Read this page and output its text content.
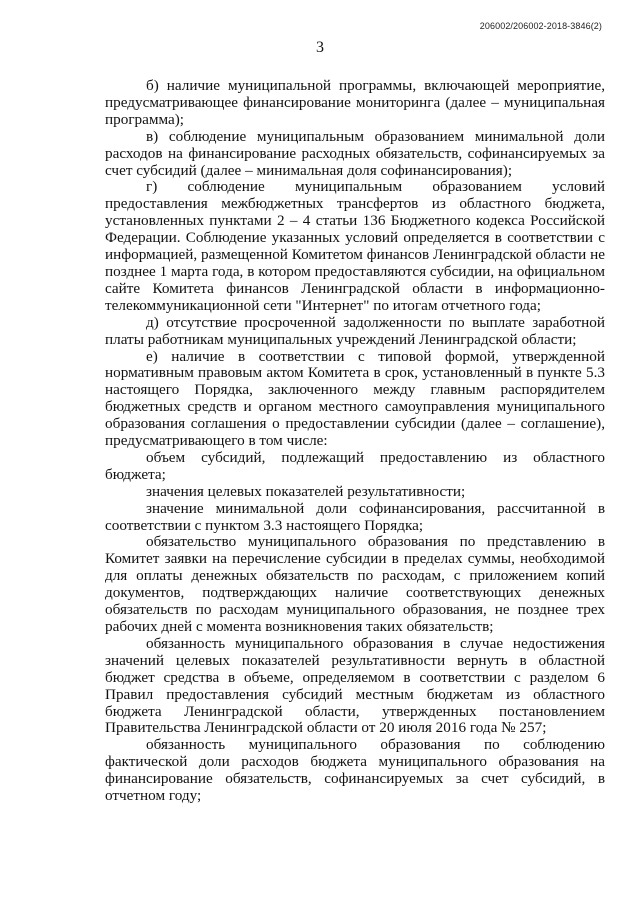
206002/206002-2018-3846(2)
3

б) наличие муниципальной программы, включающей мероприятие, предусматривающее финансирование мониторинга (далее – муниципальная программа);

в) соблюдение муниципальным образованием минимальной доли расходов на финансирование расходных обязательств, софинансируемых за счет субсидий (далее – минимальная доля софинансирования);

г) соблюдение муниципальным образованием условий предоставления межбюджетных трансфертов из областного бюджета, установленных пунктами 2 – 4 статьи 136 Бюджетного кодекса Российской Федерации. Соблюдение указанных условий определяется в соответствии с информацией, размещенной Комитетом финансов Ленинградской области не позднее 1 марта года, в котором предоставляются субсидии, на официальном сайте Комитета финансов Ленинградской области в информационно-телекоммуникационной сети "Интернет" по итогам отчетного года;

д) отсутствие просроченной задолженности по выплате заработной платы работникам муниципальных учреждений Ленинградской области;

е) наличие в соответствии с типовой формой, утвержденной нормативным правовым актом Комитета в срок, установленный в пункте 5.3 настоящего Порядка, заключенного между главным распорядителем бюджетных средств и органом местного самоуправления муниципального образования соглашения о предоставлении субсидии (далее – соглашение), предусматривающего в том числе:

объем субсидий, подлежащий предоставлению из областного бюджета;

значения целевых показателей результативности;

значение минимальной доли софинансирования, рассчитанной в соответствии с пунктом 3.3 настоящего Порядка;

обязательство муниципального образования по представлению в Комитет заявки на перечисление субсидии в пределах суммы, необходимой для оплаты денежных обязательств по расходам, с приложением копий документов, подтверждающих наличие соответствующих денежных обязательств по расходам муниципального образования, не позднее трех рабочих дней с момента возникновения таких обязательств;

обязанность муниципального образования в случае недостижения значений целевых показателей результативности вернуть в областной бюджет средства в объеме, определяемом в соответствии с разделом 6 Правил предоставления субсидий местным бюджетам из областного бюджета Ленинградской области, утвержденных постановлением Правительства Ленинградской области от 20 июля 2016 года № 257;

обязанность муниципального образования по соблюдению фактической доли расходов бюджета муниципального образования на финансирование обязательств, софинансируемых за счет субсидий, в отчетном году;
